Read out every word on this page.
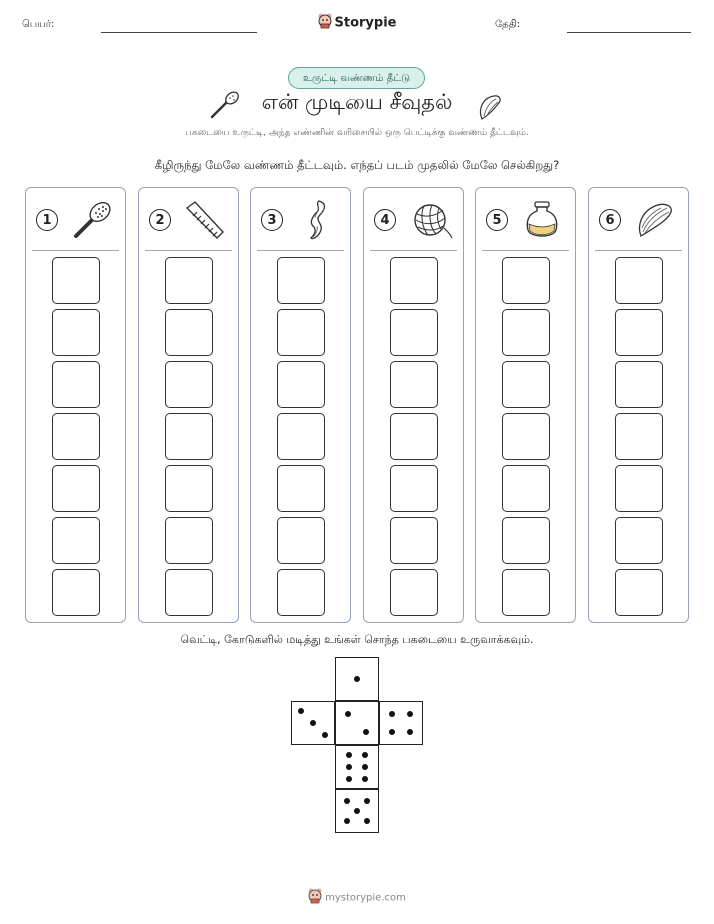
பெயர்:	Storypie	தேதி:
உருட்டி வண்ணம் தீட்டு
என் முடியை சீவுதல்
பகடையை உருட்டி, அந்த எண்ணின் வரிசையில் ஒரு பெட்டிக்கு வண்ணம் தீட்டவும்.
கீழிருந்து மேலே வண்ணம் தீட்டவும். எந்தப் படம் முதலில் மேலே செல்கிறது?
1	2	3	4	5	6
வெட்டி, கோடுகளில் மடித்து உங்கள் சொந்த பகடையை உருவாக்கவும்.
mystorypie.com
